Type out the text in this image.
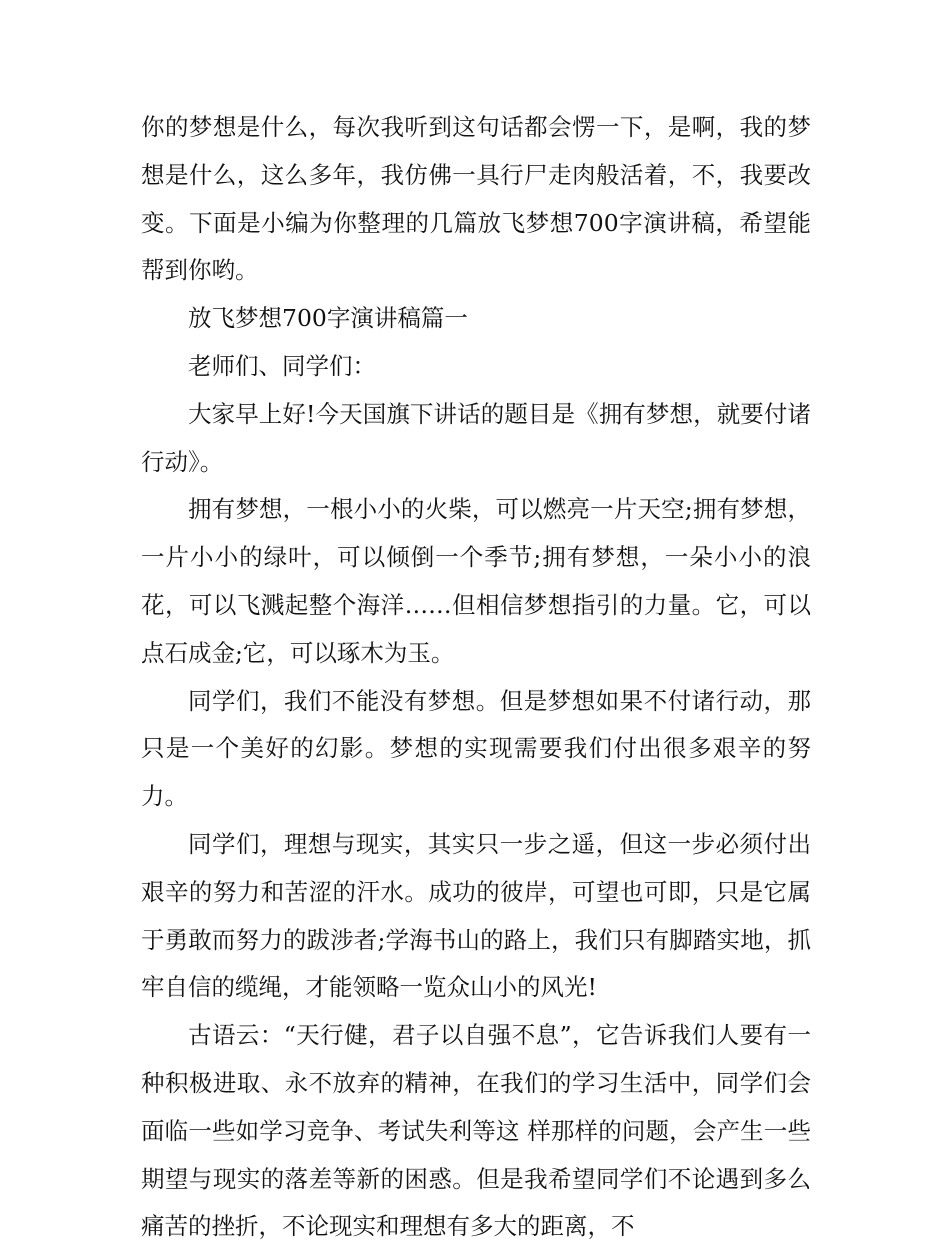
你的梦想是什么，每次我听到这句话都会愣一下，是啊，我的梦想是什么，这么多年，我仿佛一具行尸走肉般活着，不，我要改变。下面是小编为你整理的几篇放飞梦想700字演讲稿，希望能帮到你哟。

放飞梦想700字演讲稿篇一

老师们、同学们：

大家早上好!今天国旗下讲话的题目是《拥有梦想，就要付诸行动》。

拥有梦想，一根小小的火柴，可以燃亮一片天空;拥有梦想，一片小小的绿叶，可以倾倒一个季节;拥有梦想，一朵小小的浪花，可以飞溅起整个海洋……但相信梦想指引的力量。它，可以点石成金;它，可以琢木为玉。

同学们，我们不能没有梦想。但是梦想如果不付诸行动，那只是一个美好的幻影。梦想的实现需要我们付出很多艰辛的努力。

同学们，理想与现实，其实只一步之遥，但这一步必须付出艰辛的努力和苦涩的汗水。成功的彼岸，可望也可即，只是它属于勇敢而努力的跋涉者;学海书山的路上，我们只有脚踏实地，抓牢自信的缆绳，才能领略一览众山小的风光!

古语云：“天行健，君子以自强不息”，它告诉我们人要有一种积极进取、永不放弃的精神，在我们的学习生活中，同学们会面临一些如学习竞争、考试失利等这 样那样的问题，会产生一些期望与现实的落差等新的困惑。但是我希望同学们不论遇到多么痛苦的挫折，不论现实和理想有多大的距离，不
